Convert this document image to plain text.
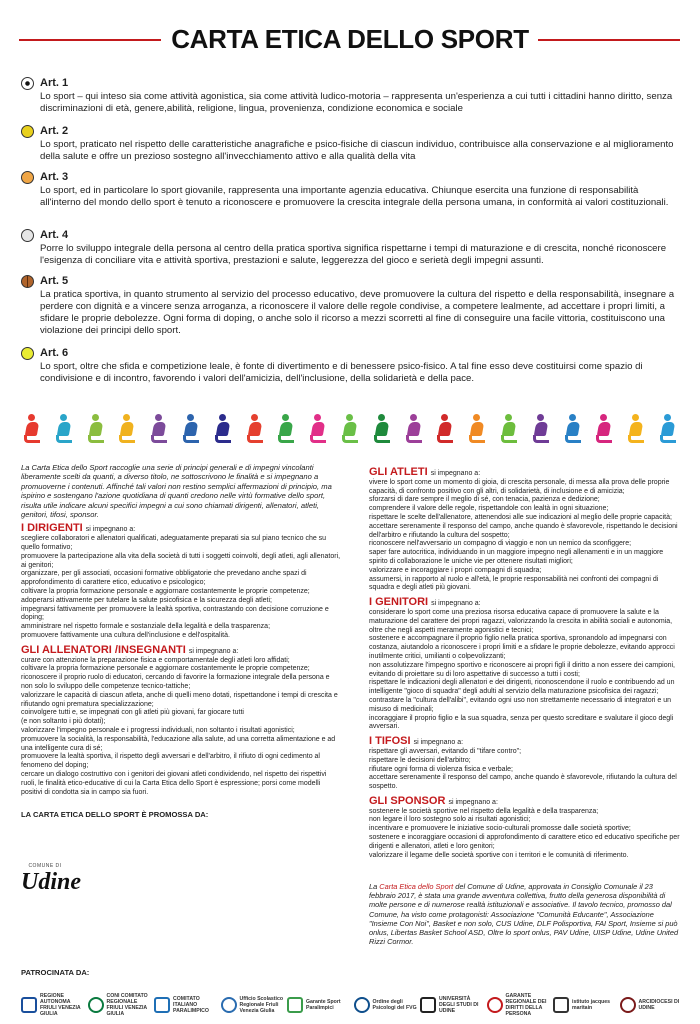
CARTA ETICA DELLO SPORT
Art. 1
Lo sport – qui inteso sia come attività agonistica, sia come attività ludico-motoria – rappresenta un'esperienza a cui tutti i cittadini hanno diritto, senza discriminazioni di età, genere,abilità, religione, lingua, provenienza, condizione economica e sociale
Art. 2
Lo sport, praticato nel rispetto delle caratteristiche anagrafiche e psico-fisiche di ciascun individuo, contribuisce alla conservazione e al miglioramento della salute e offre un prezioso sostegno all'invecchiamento attivo e alla qualità della vita
Art. 3
Lo sport, ed in particolare lo sport giovanile, rappresenta una importante agenzia educativa. Chiunque esercita una funzione di responsabilità all'interno del mondo dello sport è tenuto a riconoscere e promuovere la crescita integrale della persona umana, in conformità ai valori costituzionali.
Art. 4
Porre lo sviluppo integrale della persona al centro della pratica sportiva significa rispettarne i tempi di maturazione e di crescita, nonché riconoscere l'esigenza di conciliare vita e attività sportiva, prestazioni e salute, leggerezza del gioco e serietà degli impegni assunti.
Art. 5
La pratica sportiva, in quanto strumento al servizio del processo educativo, deve promuovere la cultura del rispetto e della responsabilità, insegnare a perdere con dignità e a vincere senza arroganza, a riconoscere il valore delle regole condivise, a competere lealmente, ad accettare i propri limiti, a sfidare le proprie debolezze. Ogni forma di doping, o anche solo il ricorso a mezzi scorretti al fine di conseguire una facile vittoria, costituiscono una violazione dei principi dello sport.
Art. 6
Lo sport, oltre che sfida e competizione leale, è fonte di divertimento e di benessere psico-fisico. A tal fine esso deve costituirsi come spazio di condivisione e di incontro, favorendo i valori dell'amicizia, dell'inclusione, della solidarietà e della pace.

La Carta Etica dello Sport raccoglie una serie di principi generali e di impegni vincolanti liberamente scelti da quanti, a diverso titolo, ne sottoscrivono le finalità e si impegnano a promuoverne i contenuti. Affinché tali valori non restino semplici affermazioni di principio, ma ispirino e sostengano l'azione quotidiana di quanti credono nelle virtù formative dello sport, risulta utile indicare alcuni specifici impegni a cui sono chiamati dirigenti, allenatori, atleti, genitori, tifosi, sponsor.

I DIRIGENTI si impegnano a:

scegliere collaboratori e allenatori qualificati, adeguatamente preparati sia sul piano tecnico che su quello formativo;

promuovere la partecipazione alla vita della società di tutti i soggetti coinvolti, degli atleti, agli allenatori, ai genitori;

organizzare, per gli associati, occasioni formative obbligatorie che prevedano anche spazi di approfondimento di carattere etico, educativo e psicologico;

coltivare la propria formazione personale e aggiornare costantemente le proprie competenze;

adoperarsi attivamente per tutelare la salute psicofisica e la sicurezza degli atleti;

impegnarsi fattivamente per promuovere la lealtà sportiva, contrastando con decisione corruzione e doping;

amministrare nel rispetto formale e sostanziale della legalità e della trasparenza;

promuovere fattivamente una cultura dell'inclusione e dell'ospitalità.

GLI ALLENATORI /INSEGNANTI si impegnano a:

curare con attenzione la preparazione fisica e comportamentale degli atleti loro affidati;

coltivare la propria formazione personale e aggiornare costantemente le proprie competenze;

riconoscere il proprio ruolo di educatori, cercando di favorire la formazione integrale della persona e non solo lo sviluppo delle competenze tecnico-tattiche;

valorizzare le capacità di ciascun atleta, anche di quelli meno dotati, rispettandone i tempi di crescita e rifiutando ogni prematura specializzazione;

coinvolgere tutti e, se impegnati con gli atleti più giovani, far giocare tutti

(e non soltanto i più dotati);

valorizzare l'impegno personale e i progressi individuali, non soltanto i risultati agonistici;

promuovere la socialità, la responsabilità, l'educazione alla salute, ad una corretta alimentazione e ad una intelligente cura di sé;

promuovere la lealtà sportiva, il rispetto degli avversari e dell'arbitro, il rifiuto di ogni cedimento al fenomeno del doping;

cercare un dialogo costruttivo con i genitori dei giovani atleti condividendo, nel rispetto dei rispettivi ruoli, le finalità etico-educative di cui la Carta Etica dello Sport è espressione; porsi come modelli positivi di condotta sia in campo sia fuori.

GLI ATLETI si impegnano a:

vivere lo sport come un momento di gioia, di crescita personale, di messa alla prova delle proprie capacità, di confronto positivo con gli altri, di solidarietà, di inclusione e di amicizia;

sforzarsi di dare sempre il meglio di sé, con tenacia, pazienza e dedizione;

comprendere il valore delle regole, rispettandole con lealtà in ogni situazione;

rispettare le scelte dell'allenatore, attenendosi alle sue indicazioni al meglio delle proprie capacità;

accettare serenamente il responso del campo, anche quando è sfavorevole, rispettando le decisioni dell'arbitro e rifiutando la cultura del sospetto;

riconoscere nell'avversario un compagno di viaggio e non un nemico da sconfiggere;

saper fare autocritica, individuando in un maggiore impegno negli allenamenti e in un maggiore spirito di collaborazione le uniche vie per ottenere risultati migliori;

valorizzare e incoraggiare i propri compagni di squadra;

assumersi, in rapporto al ruolo e all'età, le proprie responsabilità nei confronti dei compagni di squadra e degli atleti più giovani.

I GENITORI si impegnano a:

considerare lo sport come una preziosa risorsa educativa capace di promuovere la salute e la maturazione del carattere dei propri ragazzi, valorizzando la crescita in abilità sociali e autonomia, oltre che negli aspetti meramente agonistici e tecnici;

sostenere e accompagnare il proprio figlio nella pratica sportiva, spronandolo ad impegnarsi con costanza, aiutandolo a riconoscere i propri limiti e a sfidare le proprie debolezze, evitando approcci inutilmente critici, umilianti o colpevolizzanti;

non assolutizzare l'impegno sportivo e riconoscere ai propri figli il diritto a non essere dei campioni, evitando di proiettare su di loro aspettative di successo a tutti i costi;

rispettare le indicazioni degli allenatori e dei dirigenti, riconoscendone il ruolo e contribuendo ad un intelligente "gioco di squadra" degli adulti al servizio della maturazione psicofisica dei ragazzi;

contrastare la "cultura dell'alibi", evitando ogni uso non strettamente necessario di integratori e un misuso di medicinali;

incoraggiare il proprio figlio e la sua squadra, senza per questo screditare e svalutare il gioco degli avversari.

I TIFOSI si impegnano a:

rispettare gli avversari, evitando di "tifare contro";

rispettare le decisioni dell'arbitro;

rifiutare ogni forma di violenza fisica e verbale;

accettare serenamente il responso del campo, anche quando è sfavorevole, rifiutando la cultura del sospetto.

GLI SPONSOR si impegnano a:

sostenere le società sportive nel rispetto della legalità e della trasparenza;

non legare il loro sostegno solo ai risultati agonistici;

incentivare e promuovere le iniziative socio-culturali promosse dalle società sportive;

sostenere e incoraggiare occasioni di approfondimento di carattere etico ed educativo specifiche per dirigenti e allenatori, atleti e loro genitori;

valorizzare il legame delle società sportive con i territori e le comunità di riferimento.

LA CARTA ETICA DELLO SPORT È PROMOSSA DA:
COMUNE DI
Udine	La Carta Etica dello Sport del Comune di Udine, approvata in Consiglio Comunale il 23 febbraio 2017, è stata una grande avventura collettiva, frutto della generosa disponibilità di molte persone e di numerose realtà istituzionali e associative. Il tavolo tecnico, promosso dal Comune, ha visto come protagonisti: Associazione "Comunità Educante", Associazione "Insieme Con Noi", Basket e non solo, CUS Udine, DLF Polisportiva, FAI Sport, Insieme si può onlus, Libertas Basket School ASD, Oltre lo sport onlus, PAV Udine, UISP Udine, Udine United Rizzi Cormor.
PATROCINATA DA:
REGIONE AUTONOMA FRIULI VENEZIA GIULIA
CONI COMITATO REGIONALE FRIULI VENEZIA GIULIA
COMITATO ITALIANO PARALIMPICO
Ufficio Scolastico Regionale Friuli Venezia Giulia
Garante Sport Paralimpici
Ordine degli Psicologi del FVG
UNIVERSITÀ DEGLI STUDI DI UDINE
GARANTE REGIONALE DEI DIRITTI DELLA PERSONA
istituto jacques maritain
ARCIDIOCESI DI UDINE
